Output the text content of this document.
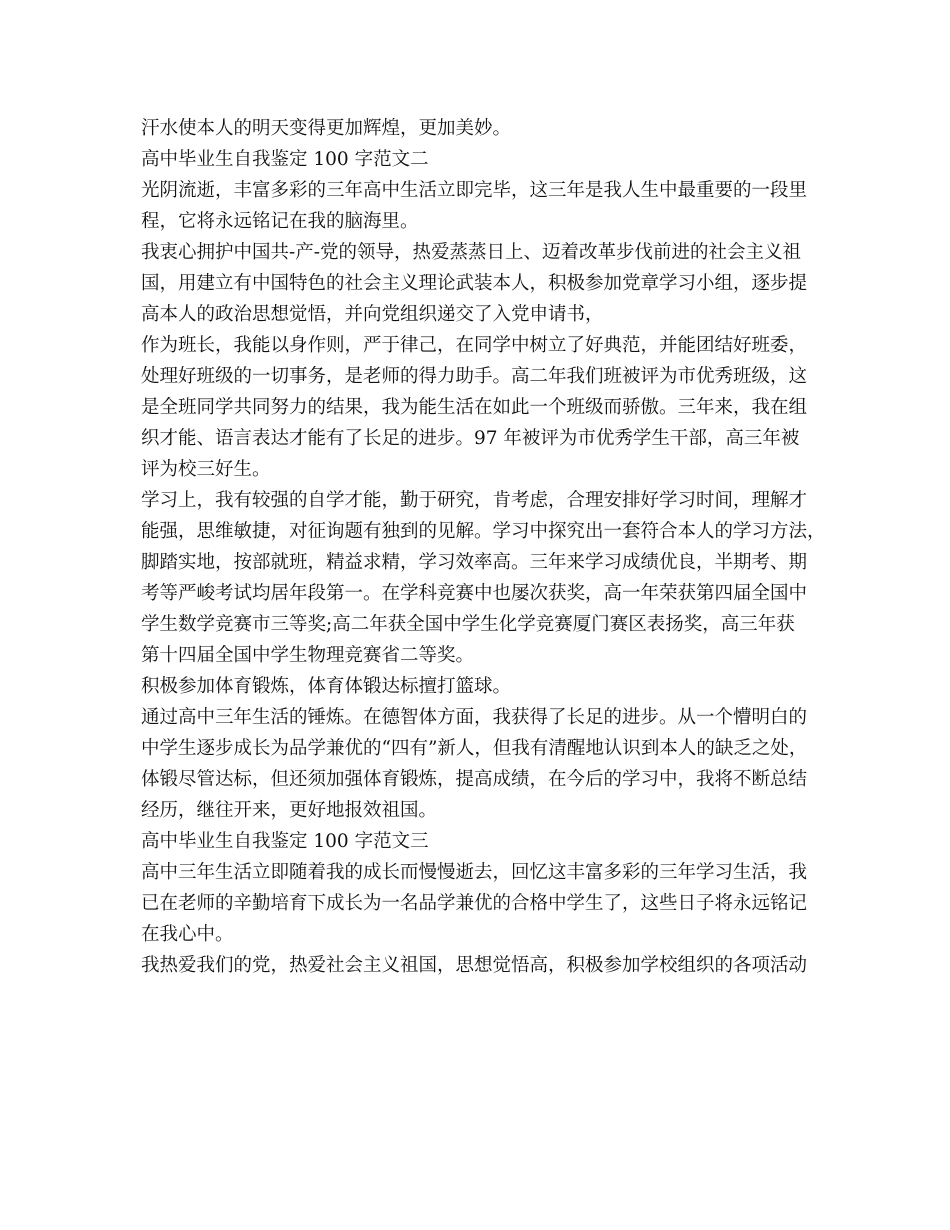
汗水使本人的明天变得更加辉煌，更加美妙。
高中毕业生自我鉴定 100 字范文二
光阴流逝，丰富多彩的三年高中生活立即完毕，这三年是我人生中最重要的一段里
程，它将永远铭记在我的脑海里。
我衷心拥护中国共-产-党的领导，热爱蒸蒸日上、迈着改革步伐前进的社会主义祖
国，用建立有中国特色的社会主义理论武装本人，积极参加党章学习小组，逐步提
高本人的政治思想觉悟，并向党组织递交了入党申请书，
作为班长，我能以身作则，严于律己，在同学中树立了好典范，并能团结好班委，
处理好班级的一切事务，是老师的得力助手。高二年我们班被评为市优秀班级，这
是全班同学共同努力的结果，我为能生活在如此一个班级而骄傲。三年来，我在组
织才能、语言表达才能有了长足的进步。97 年被评为市优秀学生干部，高三年被
评为校三好生。
学习上，我有较强的自学才能，勤于研究，肯考虑，合理安排好学习时间，理解才
能强，思维敏捷，对征询题有独到的见解。学习中探究出一套符合本人的学习方法，
脚踏实地，按部就班，精益求精，学习效率高。三年来学习成绩优良，半期考、期
考等严峻考试均居年段第一。在学科竞赛中也屡次获奖，高一年荣获第四届全国中
学生数学竞赛市三等奖;高二年获全国中学生化学竞赛厦门赛区表扬奖，高三年获
第十四届全国中学生物理竞赛省二等奖。
积极参加体育锻炼，体育体锻达标擅打篮球。
通过高中三年生活的锤炼。在德智体方面，我获得了长足的进步。从一个懵明白的
中学生逐步成长为品学兼优的“四有”新人，但我有清醒地认识到本人的缺乏之处，
体锻尽管达标，但还须加强体育锻炼，提高成绩，在今后的学习中，我将不断总结
经历，继往开来，更好地报效祖国。
高中毕业生自我鉴定 100 字范文三
高中三年生活立即随着我的成长而慢慢逝去，回忆这丰富多彩的三年学习生活，我
已在老师的辛勤培育下成长为一名品学兼优的合格中学生了，这些日子将永远铭记
在我心中。
我热爱我们的党，热爱社会主义祖国，思想觉悟高，积极参加学校组织的各项活动
